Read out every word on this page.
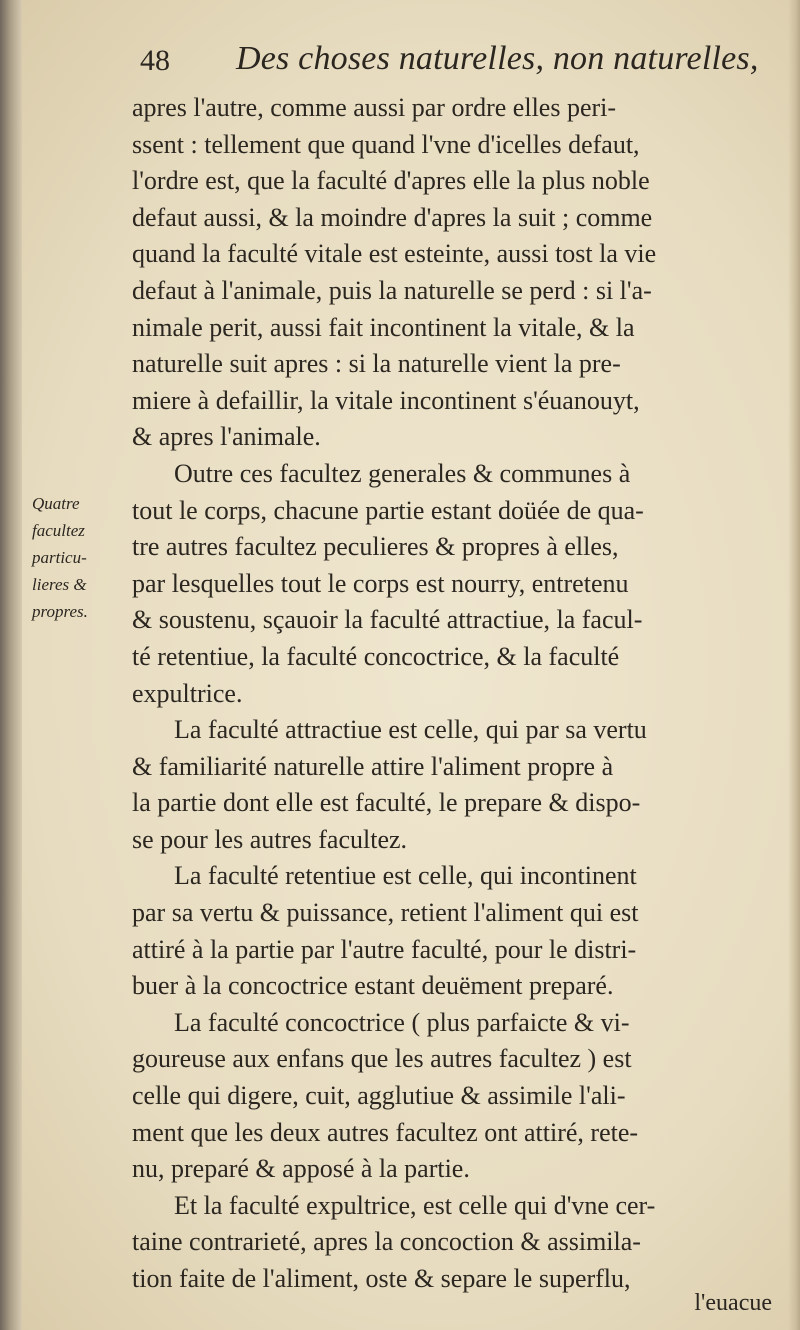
48 Des choses naturelles, non naturelles,
Quatre
facultez
particu-
lieres &
propres.
apres l'autre, comme aussi par ordre elles peri-
ssent : tellement que quand l'vne d'icelles defaut,
l'ordre est, que la faculté d'apres elle la plus noble
defaut aussi, & la moindre d'apres la suit ; comme
quand la faculté vitale est esteinte, aussi tost la vie
defaut à l'animale, puis la naturelle se perd : si l'a-
nimale perit, aussi fait incontinent la vitale, & la
naturelle suit apres : si la naturelle vient la pre-
miere à defaillir, la vitale incontinent s'éuanouyt,
& apres l'animale.
Outre ces facultez generales & communes à
tout le corps, chacune partie estant doüée de qua-
tre autres facultez peculieres & propres à elles,
par lesquelles tout le corps est nourry, entretenu
& soustenu, sçauoir la faculté attractiue, la facul-
té retentiue, la faculté concoctrice, & la faculté
expultrice.
La faculté attractiue est celle, qui par sa vertu
& familiarité naturelle attire l'aliment propre à
la partie dont elle est faculté, le prepare & dispo-
se pour les autres facultez.
La faculté retentiue est celle, qui incontinent
par sa vertu & puissance, retient l'aliment qui est
attiré à la partie par l'autre faculté, pour le distri-
buer à la concoctrice estant deuëment preparé.
La faculté concoctrice ( plus parfaicte & vi-
goureuse aux enfans que les autres facultez ) est
celle qui digere, cuit, agglutiue & assimile l'ali-
ment que les deux autres facultez ont attiré, rete-
nu, preparé & apposé à la partie.
Et la faculté expultrice, est celle qui d'vne cer-
taine contrarieté, apres la concoction & assimila-
tion faite de l'aliment, oste & separe le superflu,
l'euacue
